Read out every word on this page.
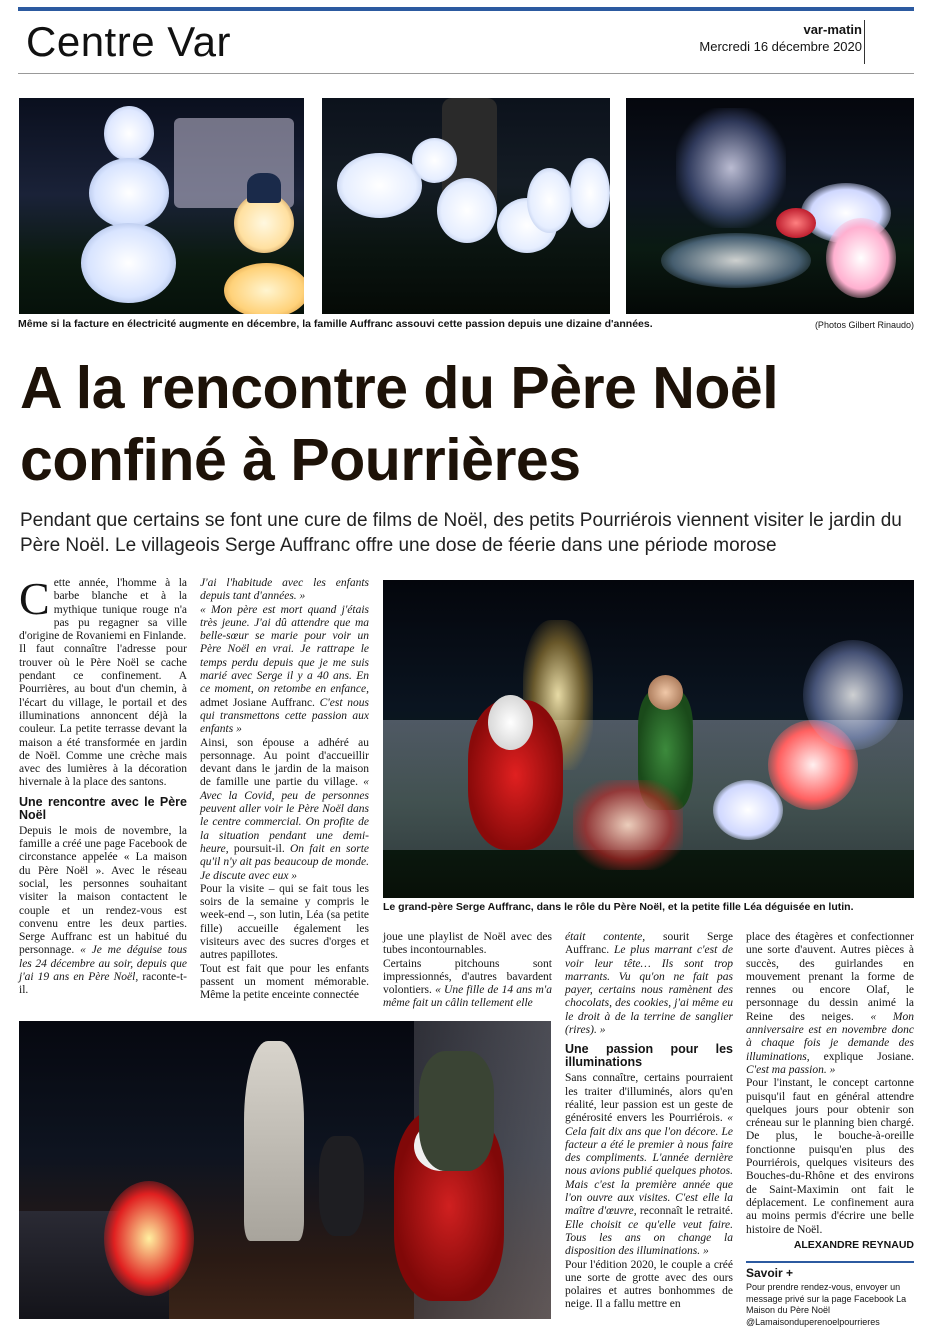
Centre Var	var-matin
Mercredi 16 décembre 2020
Même si la facture en électricité augmente en décembre, la famille Auffranc assouvi cette passion depuis une dizaine d'années.	(Photos Gilbert Rinaudo)
A la rencontre du Père Noël confiné à Pourrières
Pendant que certains se font une cure de films de Noël, des petits Pourriérois viennent visiter le jardin du Père Noël. Le villageois Serge Auffranc offre une dose de féerie dans une période morose

Cette année, l'homme à la barbe blanche et à la mythique tunique rouge n'a pas pu regagner sa ville d'origine de Rovaniemi en Finlande.

Il faut connaître l'adresse pour trouver où le Père Noël se cache pendant ce confinement. A Pourrières, au bout d'un chemin, à l'écart du village, le portail et des illuminations annoncent déjà la couleur. La petite terrasse devant la maison a été transformée en jardin de Noël. Comme une crèche mais avec des lumières à la décoration hivernale à la place des santons.

Une rencontre avec le Père Noël

Depuis le mois de novembre, la famille a créé une page Facebook de circonstance appelée « La maison du Père Noël ». Avec le réseau social, les personnes souhaitant visiter la maison contactent le couple et un rendez-vous est convenu entre les deux parties. Serge Auffranc est un habitué du personnage. « Je me déguise tous les 24 décembre au soir, depuis que j'ai 19 ans en Père Noël, raconte-t-il.

J'ai l'habitude avec les enfants depuis tant d'années. »

« Mon père est mort quand j'étais très jeune. J'ai dû attendre que ma belle-sœur se marie pour voir un Père Noël en vrai. Je rattrape le temps perdu depuis que je me suis marié avec Serge il y a 40 ans. En ce moment, on retombe en enfance, admet Josiane Auffranc. C'est nous qui transmettons cette passion aux enfants »

Ainsi, son épouse a adhéré au personnage. Au point d'accueillir devant dans le jardin de la maison de famille une partie du village. « Avec la Covid, peu de personnes peuvent aller voir le Père Noël dans le centre commercial. On profite de la situation pendant une demi-heure, poursuit-il. On fait en sorte qu'il n'y ait pas beaucoup de monde. Je discute avec eux »

Pour la visite – qui se fait tous les soirs de la semaine y compris le week-end –, son lutin, Léa (sa petite fille) accueille également les visiteurs avec des sucres d'orges et autres papillotes.

Tout est fait que pour les enfants passent un moment mémorable. Même la petite enceinte connectée

Le grand-père Serge Auffranc, dans le rôle du Père Noël, et la petite fille Léa déguisée en lutin.

joue une playlist de Noël avec des tubes incontournables.

Certains pitchouns sont impressionnés, d'autres bavardent volontiers. « Une fille de 14 ans m'a même fait un câlin tellement elle

était contente, sourit Serge Auffranc. Le plus marrant c'est de voir leur tête… Ils sont trop marrants. Vu qu'on ne fait pas payer, certains nous ramènent des chocolats, des cookies, j'ai même eu le droit à de la terrine de sanglier (rires). »

Une passion pour les illuminations

Sans connaître, certains pourraient les traiter d'illuminés, alors qu'en réalité, leur passion est un geste de générosité envers les Pourriérois. « Cela fait dix ans que l'on décore. Le facteur a été le premier à nous faire des compliments. L'année dernière nous avions publié quelques photos. Mais c'est la première année que l'on ouvre aux visites. C'est elle la maître d'œuvre, reconnaît le retraité. Elle choisit ce qu'elle veut faire. Tous les ans on change la disposition des illuminations. »

Pour l'édition 2020, le couple a créé une sorte de grotte avec des ours polaires et autres bonhommes de neige. Il a fallu mettre en

place des étagères et confectionner une sorte d'auvent. Autres pièces à succès, des guirlandes en mouvement prenant la forme de rennes ou encore Olaf, le personnage du dessin animé la Reine des neiges. « Mon anniversaire est en novembre donc à chaque fois je demande des illuminations, explique Josiane. C'est ma passion. »

Pour l'instant, le concept cartonne puisqu'il faut en général attendre quelques jours pour obtenir son créneau sur le planning bien chargé. De plus, le bouche-à-oreille fonctionne puisqu'en plus des Pourriérois, quelques visiteurs des Bouches-du-Rhône et des environs de Saint-Maximin ont fait le déplacement. Le confinement aura au moins permis d'écrire une belle histoire de Noël.

ALEXANDRE REYNAUD
Savoir +
Pour prendre rendez-vous, envoyer un message privé sur la page Facebook La Maison du Père Noël @Lamaisonduperenoelpourrieres
